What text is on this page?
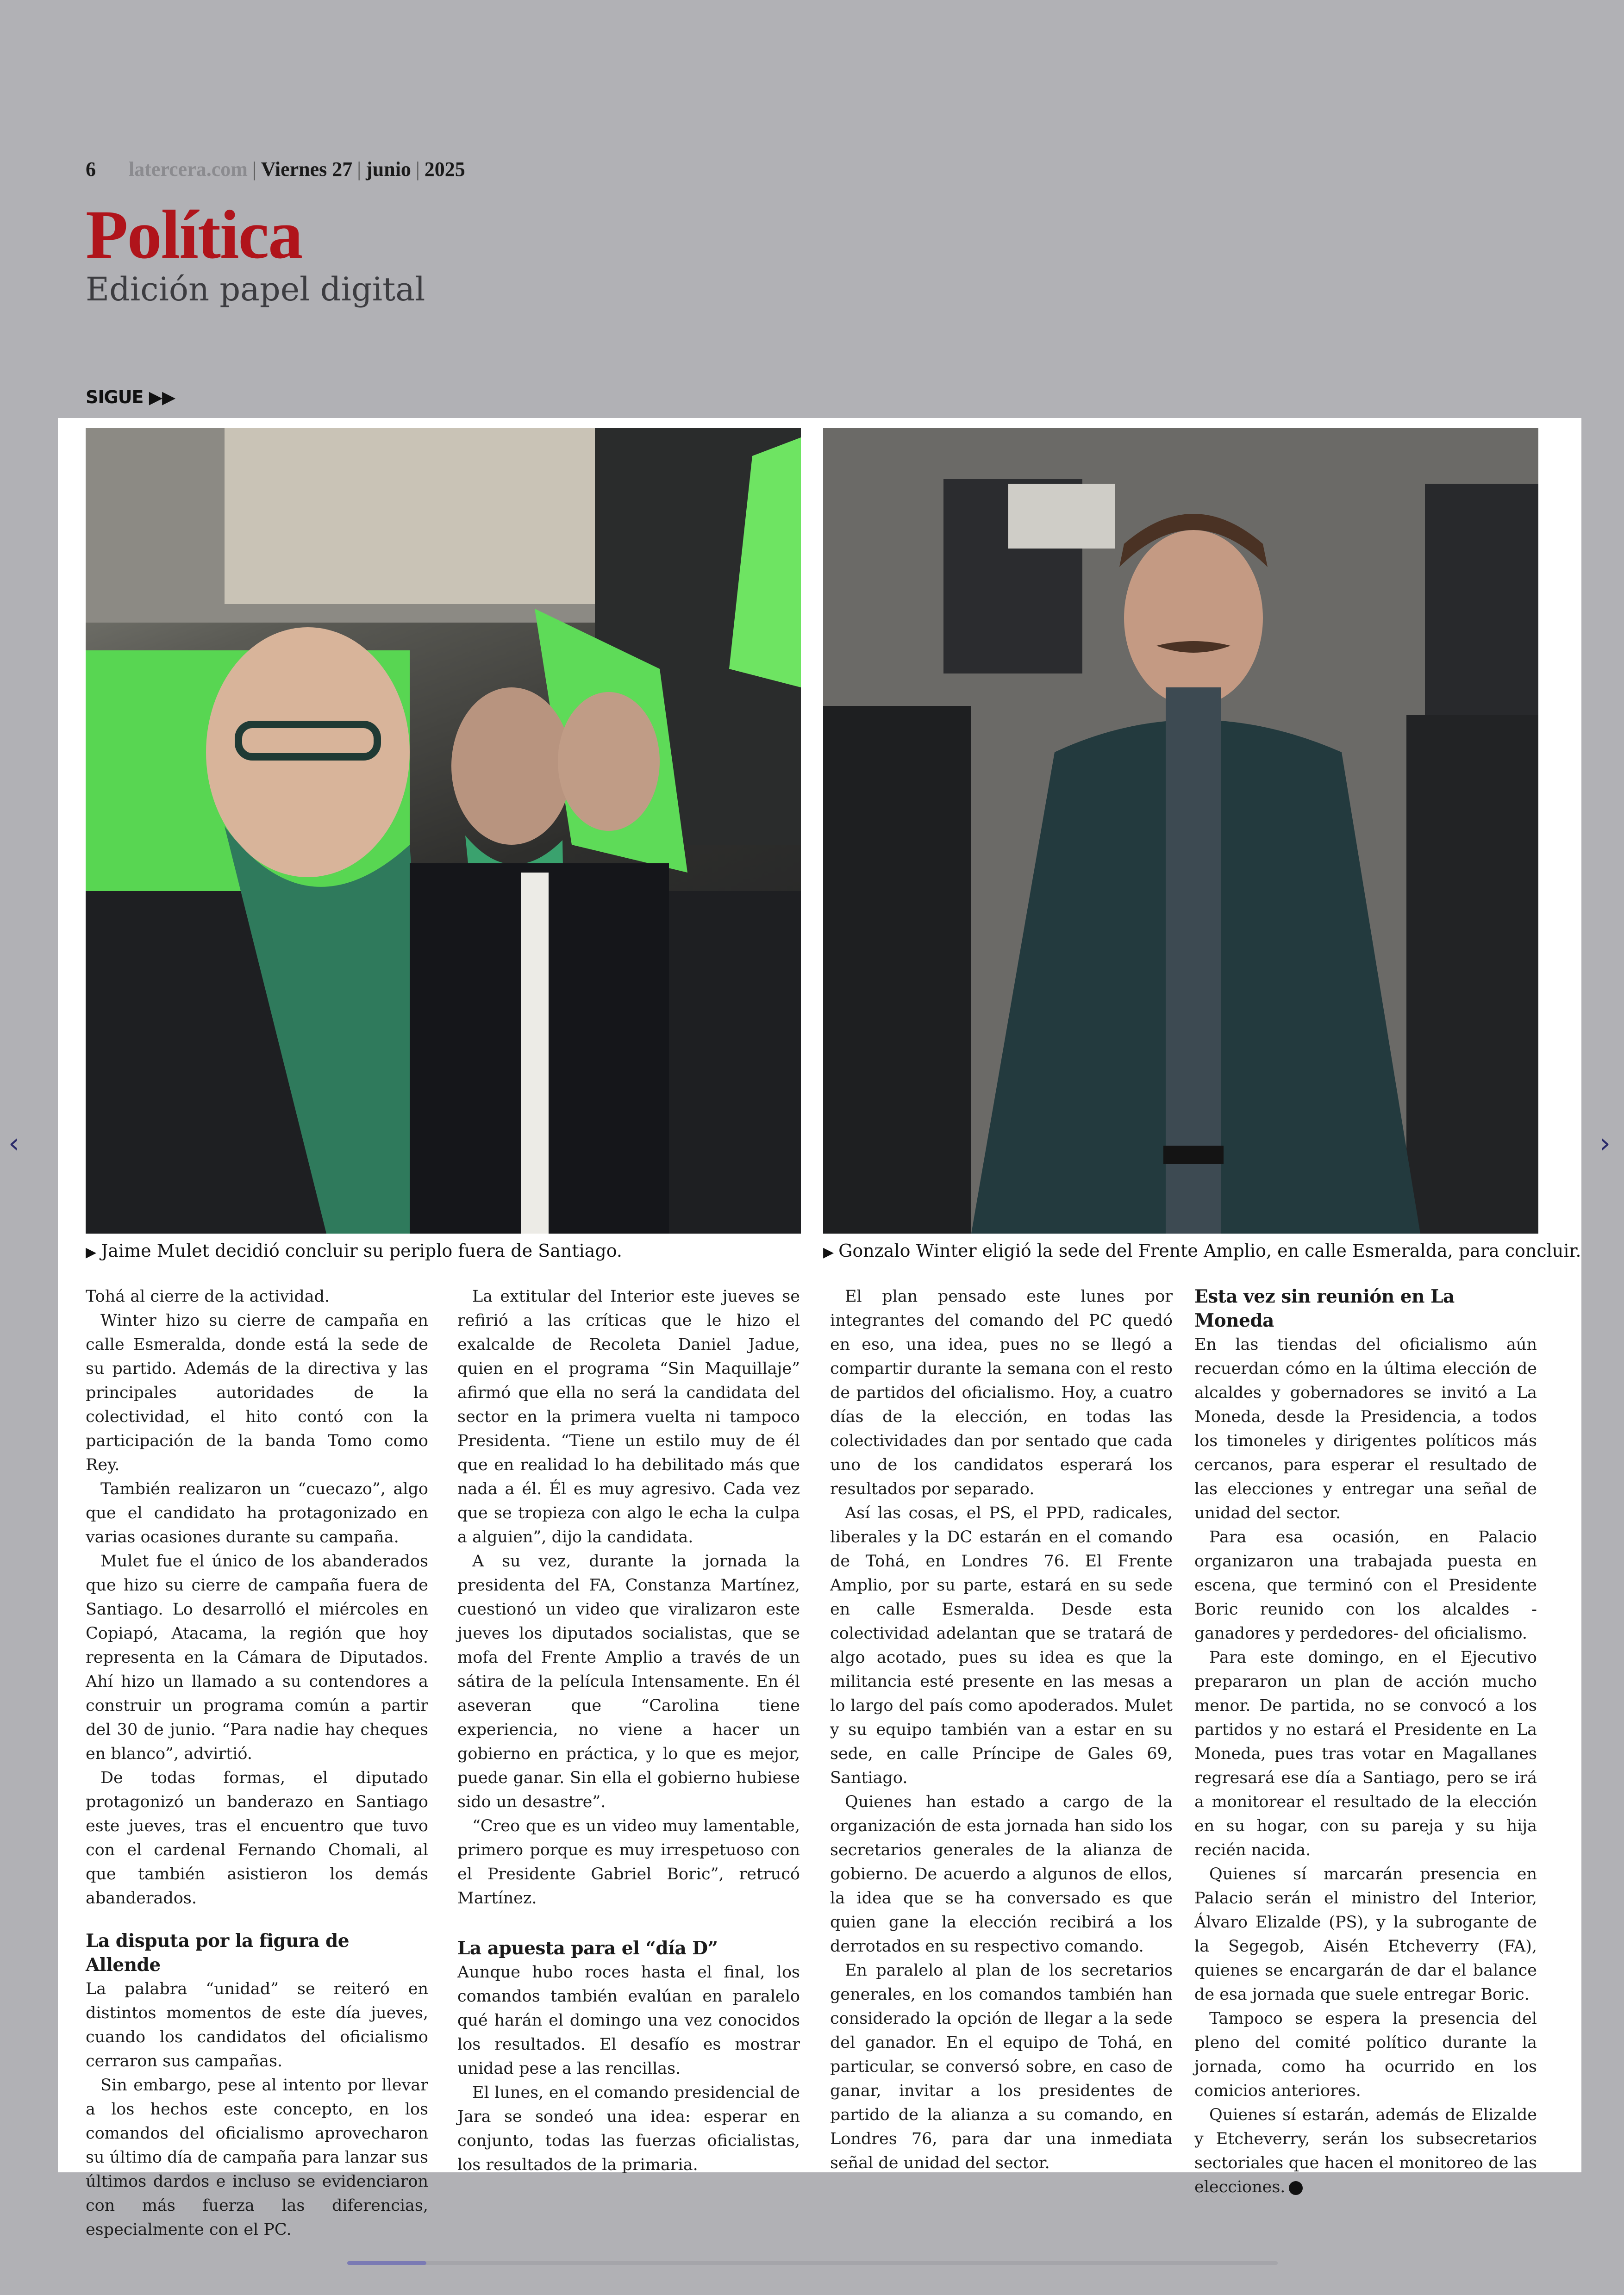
6 latercera.com | Viernes 27 | junio | 2025
Política
Edición papel digital
SIGUE ▶▶
▶ Jaime Mulet decidió concluir su periplo fuera de Santiago.	▶ Gonzalo Winter eligió la sede del Frente Amplio, en calle Esmeralda, para concluir.

Tohá al cierre de la actividad.

Winter hizo su cierre de campaña en calle Esmeralda, donde está la sede de su partido. Además de la directiva y las principales autoridades de la colectividad, el hito contó con la participación de la banda Tomo como Rey.

También realizaron un “cuecazo”, algo que el candidato ha protagonizado en varias ocasiones durante su campaña.

Mulet fue el único de los abanderados que hizo su cierre de campaña fuera de Santiago. Lo desarrolló el miércoles en Copiapó, Atacama, la región que hoy representa en la Cámara de Diputados. Ahí hizo un llamado a su contendores a construir un programa común a partir del 30 de junio. “Para nadie hay cheques en blanco”, advirtió.

De todas formas, el diputado protagonizó un banderazo en Santiago este jueves, tras el encuentro que tuvo con el cardenal Fernando Chomali, al que también asistieron los demás abanderados.

La disputa por la figura de Allende

La palabra “unidad” se reiteró en distintos momentos de este día jueves, cuando los candidatos del oficialismo cerraron sus campañas.

Sin embargo, pese al intento por llevar a los hechos este concepto, en los comandos del oficialismo aprovecharon su último día de campaña para lanzar sus últimos dardos e incluso se evidenciaron con más fuerza las diferencias, especialmente con el PC.

La extitular del Interior este jueves se refirió a las críticas que le hizo el exalcalde de Recoleta Daniel Jadue, quien en el programa “Sin Maquillaje” afirmó que ella no será la candidata del sector en la primera vuelta ni tampoco Presidenta. “Tiene un estilo muy de él que en realidad lo ha debilitado más que nada a él. Él es muy agresivo. Cada vez que se tropieza con algo le echa la culpa a alguien”, dijo la candidata.

A su vez, durante la jornada la presidenta del FA, Constanza Martínez, cuestionó un video que viralizaron este jueves los diputados socialistas, que se mofa del Frente Amplio a través de un sátira de la película Intensamente. En él aseveran que “Carolina tiene experiencia, no viene a hacer un gobierno en práctica, y lo que es mejor, puede ganar. Sin ella el gobierno hubiese sido un desastre”.

“Creo que es un video muy lamentable, primero porque es muy irrespetuoso con el Presidente Gabriel Boric”, retrucó Martínez.

La apuesta para el “día D”

Aunque hubo roces hasta el final, los comandos también evalúan en paralelo qué harán el domingo una vez conocidos los resultados. El desafío es mostrar unidad pese a las rencillas.

El lunes, en el comando presidencial de Jara se sondeó una idea: esperar en conjunto, todas las fuerzas oficialistas, los resultados de la primaria.

El plan pensado este lunes por integrantes del comando del PC quedó en eso, una idea, pues no se llegó a compartir durante la semana con el resto de partidos del oficialismo. Hoy, a cuatro días de la elección, en todas las colectividades dan por sentado que cada uno de los candidatos esperará los resultados por separado.

Así las cosas, el PS, el PPD, radicales, liberales y la DC estarán en el comando de Tohá, en Londres 76. El Frente Amplio, por su parte, estará en su sede en calle Esmeralda. Desde esta colectividad adelantan que se tratará de algo acotado, pues su idea es que la militancia esté presente en las mesas a lo largo del país como apoderados. Mulet y su equipo también van a estar en su sede, en calle Príncipe de Gales 69, Santiago.

Quienes han estado a cargo de la organización de esta jornada han sido los secretarios generales de la alianza de gobierno. De acuerdo a algunos de ellos, la idea que se ha conversado es que quien gane la elección recibirá a los derrotados en su respectivo comando.

En paralelo al plan de los secretarios generales, en los comandos también han considerado la opción de llegar a la sede del ganador. En el equipo de Tohá, en particular, se conversó sobre, en caso de ganar, invitar a los presidentes de partido de la alianza a su comando, en Londres 76, para dar una inmediata señal de unidad del sector.

Esta vez sin reunión en La Moneda

En las tiendas del oficialismo aún recuerdan cómo en la última elección de alcaldes y gobernadores se invitó a La Moneda, desde la Presidencia, a todos los timoneles y dirigentes políticos más cercanos, para esperar el resultado de las elecciones y entregar una señal de unidad del sector.

Para esa ocasión, en Palacio organizaron una trabajada puesta en escena, que terminó con el Presidente Boric reunido con los alcaldes -ganadores y perdedores- del oficialismo.

Para este domingo, en el Ejecutivo prepararon un plan de acción mucho menor. De partida, no se convocó a los partidos y no estará el Presidente en La Moneda, pues tras votar en Magallanes regresará ese día a Santiago, pero se irá a monitorear el resultado de la elección en su hogar, con su pareja y su hija recién nacida.

Quienes sí marcarán presencia en Palacio serán el ministro del Interior, Álvaro Elizalde (PS), y la subrogante de la Segegob, Aisén Etcheverry (FA), quienes se encargarán de dar el balance de esa jornada que suele entregar Boric.

Tampoco se espera la presencia del pleno del comité político durante la jornada, como ha ocurrido en los comicios anteriores.

Quienes sí estarán, además de Elizalde y Etcheverry, serán los subsecretarios sectoriales que hacen el monitoreo de las elecciones.

‹	›
